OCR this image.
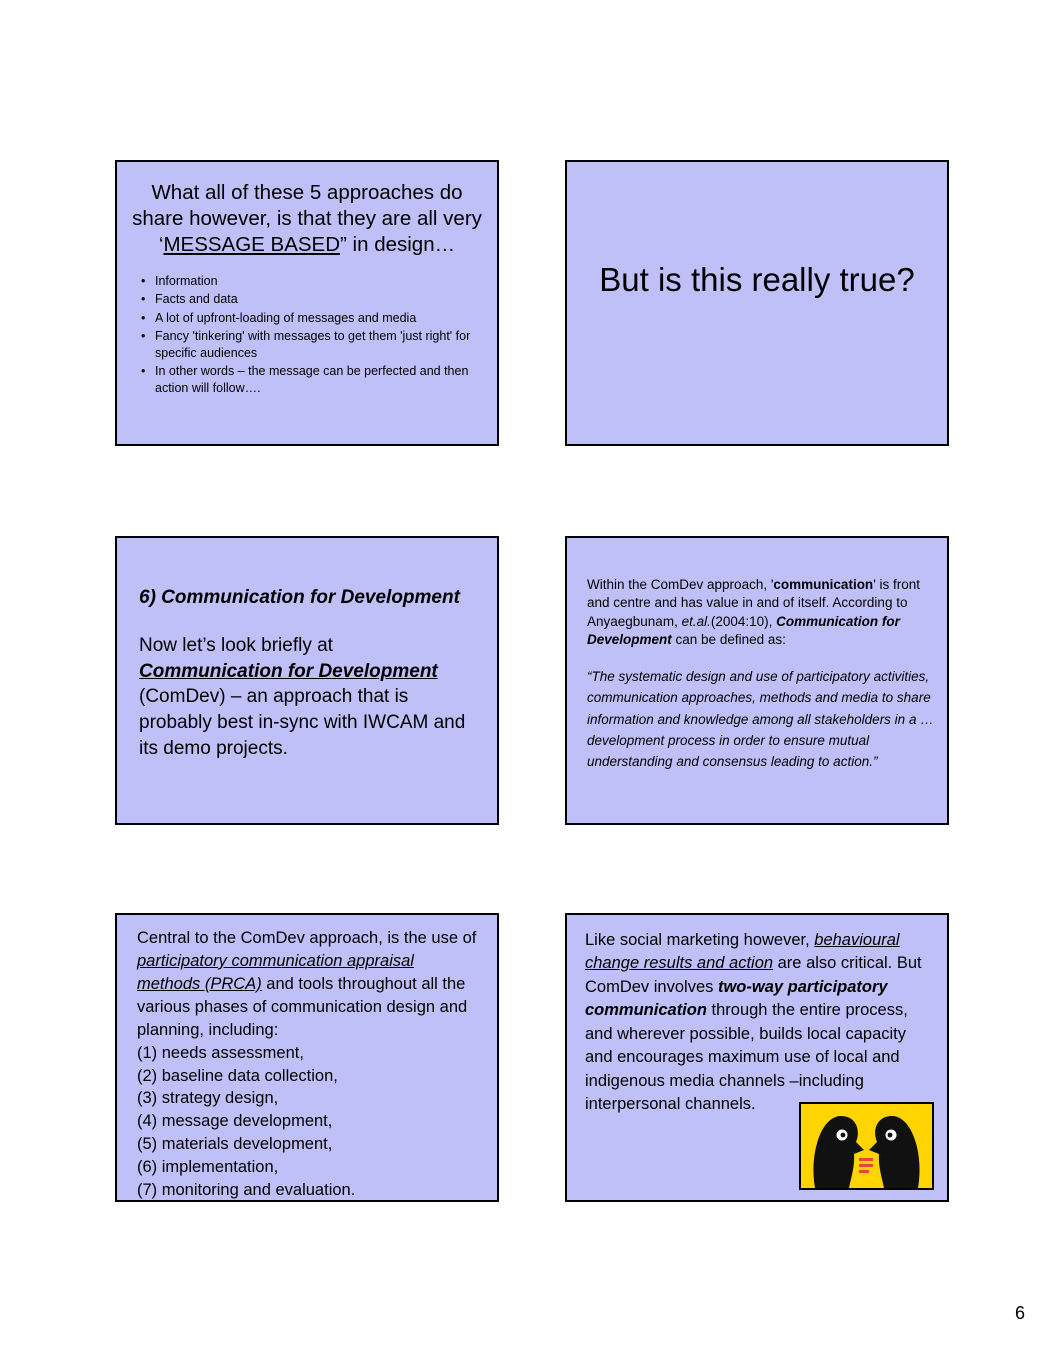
What all of these 5 approaches do share however, is that they are all very ‘MESSAGE BASED” in design…
• Information
• Facts and data
• A lot of upfront-loading of messages and media
• Fancy 'tinkering' with messages to get them 'just right' for specific audiences
• In other words – the message can be perfected and then action will follow….
But is this really true?
6) Communication for Development
Now let’s look briefly at Communication for Development (ComDev) – an approach that is probably best in-sync with IWCAM and its demo projects.
Within the ComDev approach, 'communication' is front and centre and has value in and of itself. According to Anyaegbunam, et.al.(2004:10), Communication for Development can be defined as:
“The systematic design and use of participatory activities, communication approaches, methods and media to share information and knowledge among all stakeholders in a …development process in order to ensure mutual understanding and consensus leading to action.”
Central to the ComDev approach, is the use of participatory communication appraisal methods (PRCA) and tools throughout all the various phases of communication design and planning, including:
(1) needs assessment,
(2) baseline data collection,
(3) strategy design,
(4) message development,
(5) materials development,
(6) implementation,
(7) monitoring and evaluation.
Like social marketing however, behavioural change results and action are also critical. But ComDev involves two-way participatory communication through the entire process, and wherever possible, builds local capacity and encourages maximum use of local and indigenous media channels –including interpersonal channels.
6
